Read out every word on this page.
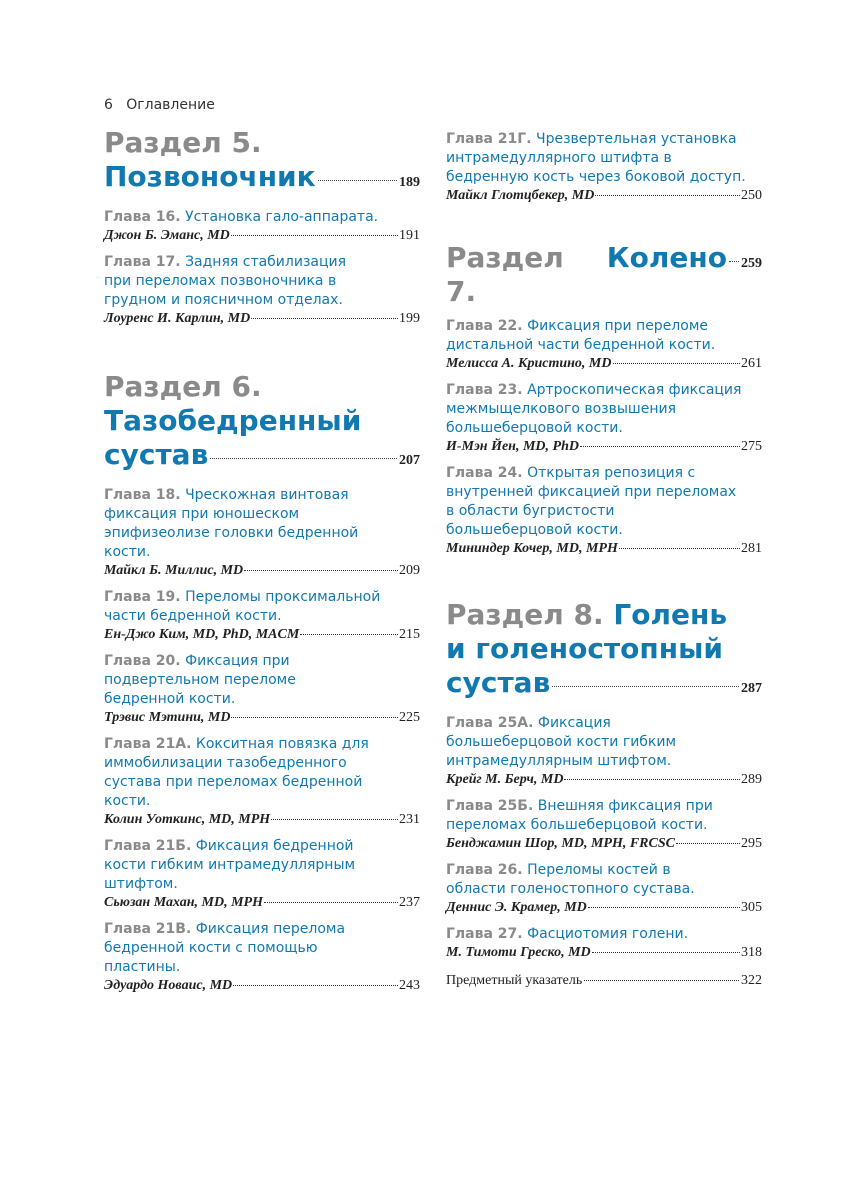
6 Оглавление
Раздел 5.
Позвоночник	189
Глава 16. Установка гало-аппарата.
Джон Б. Эманс, MD	191
Глава 17. Задняя стабилизация при переломах позвоночника в грудном и поясничном отделах.
Лоуренс И. Карлин, MD	199
Раздел 6.
Тазобедренный
сустав	207
Глава 18. Чрескожная винтовая фиксация при юношеском эпифизеолизе головки бедренной кости.
Майкл Б. Миллис, MD	209
Глава 19. Переломы проксимальной части бедренной кости.
Ен-Джо Ким, MD, PhD, MACM	215
Глава 20. Фиксация при подвертельном переломе бедренной кости.
Трэвис Мэтини, MD	225
Глава 21А. Кокситная повязка для иммобилизации тазобедренного сустава при переломах бедренной кости.
Колин Уоткинс, MD, MPH	231
Глава 21Б. Фиксация бедренной кости гибким интрамедуллярным штифтом.
Сьюзан Махан, MD, MPH	237
Глава 21В. Фиксация перелома бедренной кости с помощью пластины.
Эдуардо Новаис, MD	243
Глава 21Г. Чрезвертельная установка интрамедуллярного штифта в бедренную кость через боковой доступ.
Майкл Глотцбекер, MD	250
Раздел 7.

Колено 259
Глава 22. Фиксация при переломе дистальной части бедренной кости.
Мелисса А. Кристино, MD	261
Глава 23. Артроскопическая фиксация межмыщелкового возвышения большеберцовой кости.
И-Мэн Йен, MD, PhD	275
Глава 24. Открытая репозиция с внутренней фиксацией при переломах в области бугристости большеберцовой кости.
Мининдер Кочер, MD, MPH	281
Раздел 8. Голень
и голеностопный
сустав	287
Глава 25А. Фиксация большеберцовой кости гибким интрамедуллярным штифтом.
Крейг М. Берч, MD	289
Глава 25Б. Внешняя фиксация при переломах большеберцовой кости.
Бенджамин Шор, MD, MPH, FRCSC	295
Глава 26. Переломы костей в области голеностопного сустава.
Деннис Э. Крамер, MD	305
Глава 27. Фасциотомия голени.
М. Тимоти Греско, MD	318
Предметный указатель	322
